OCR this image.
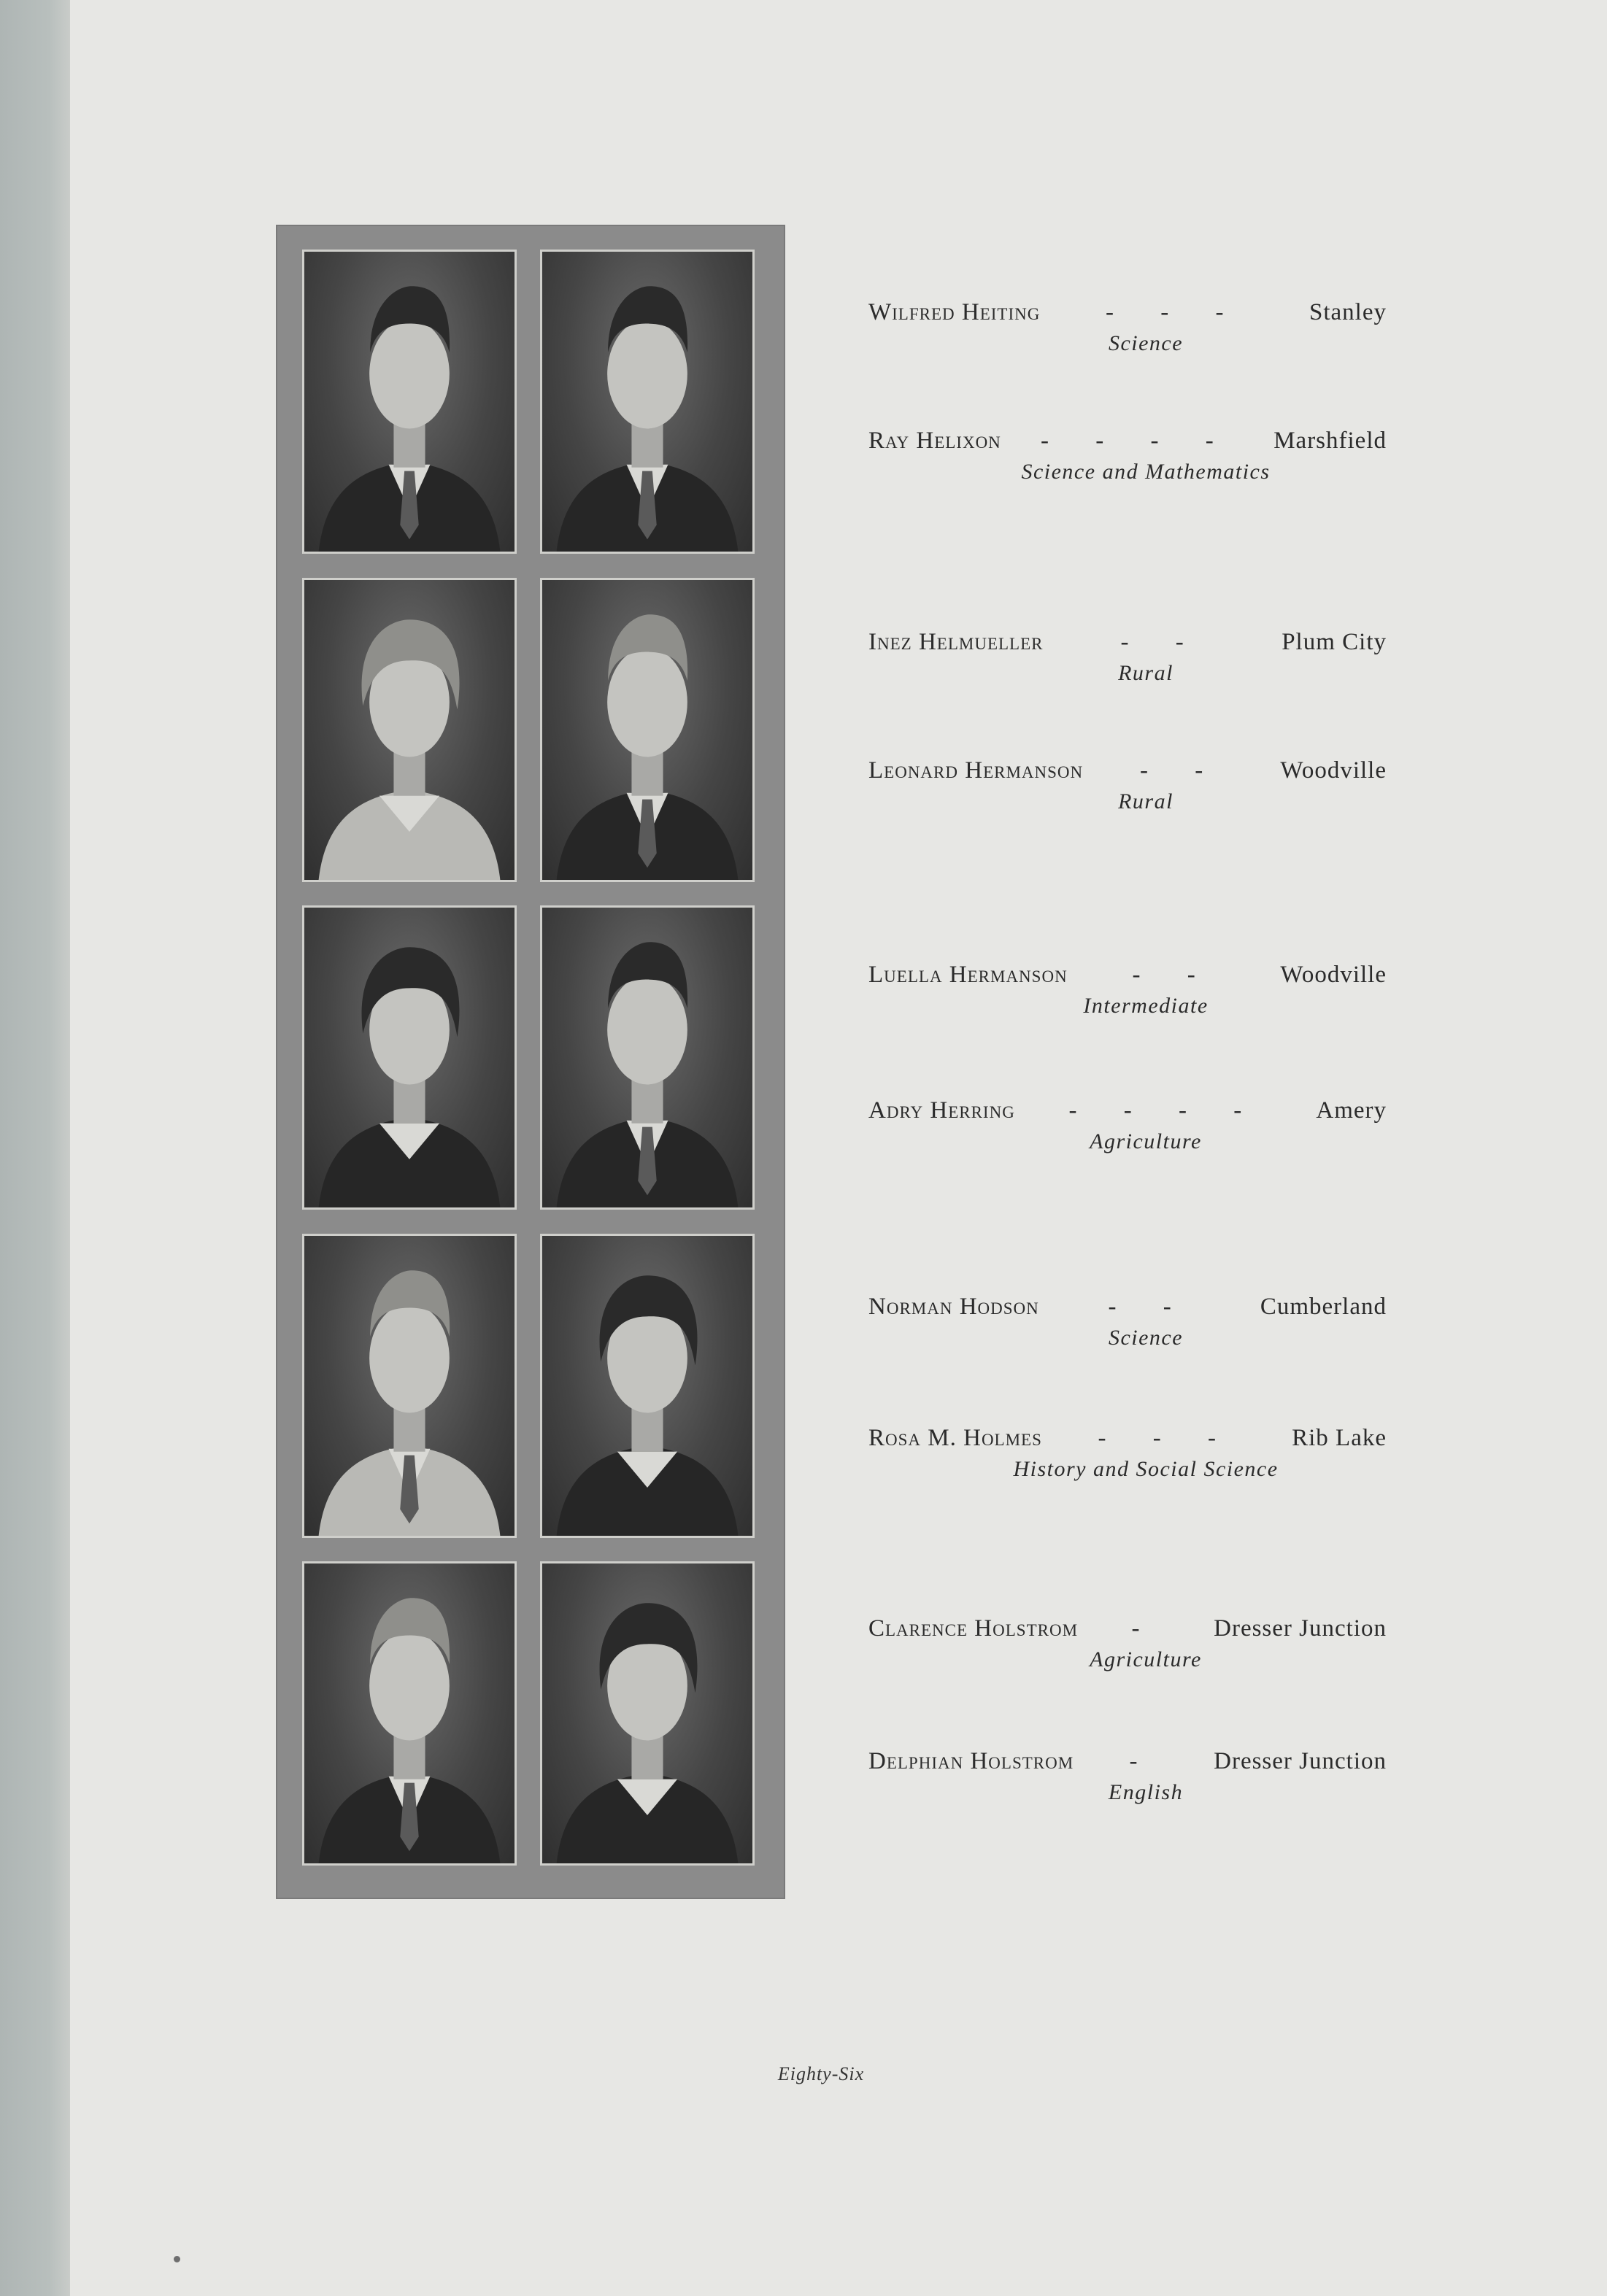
Wilfred Heiting	- - -	Stanley
Science
Ray Helixon - - - - Marshfield
Science and Mathematics
Inez Helmueller	- -	Plum City
Rural
Leonard Hermanson - - Woodville
Rural
Luella Hermanson	- -	Woodville
Intermediate
Adry Herring - - - - Amery
Agriculture
Norman Hodson	- -	Cumberland
Science
Rosa M. Holmes - - - Rib Lake
History and Social Science
Clarence Holstrom - Dresser Junction
Agriculture
Delphian Holstrom - Dresser Junction
English
Eighty-Six
